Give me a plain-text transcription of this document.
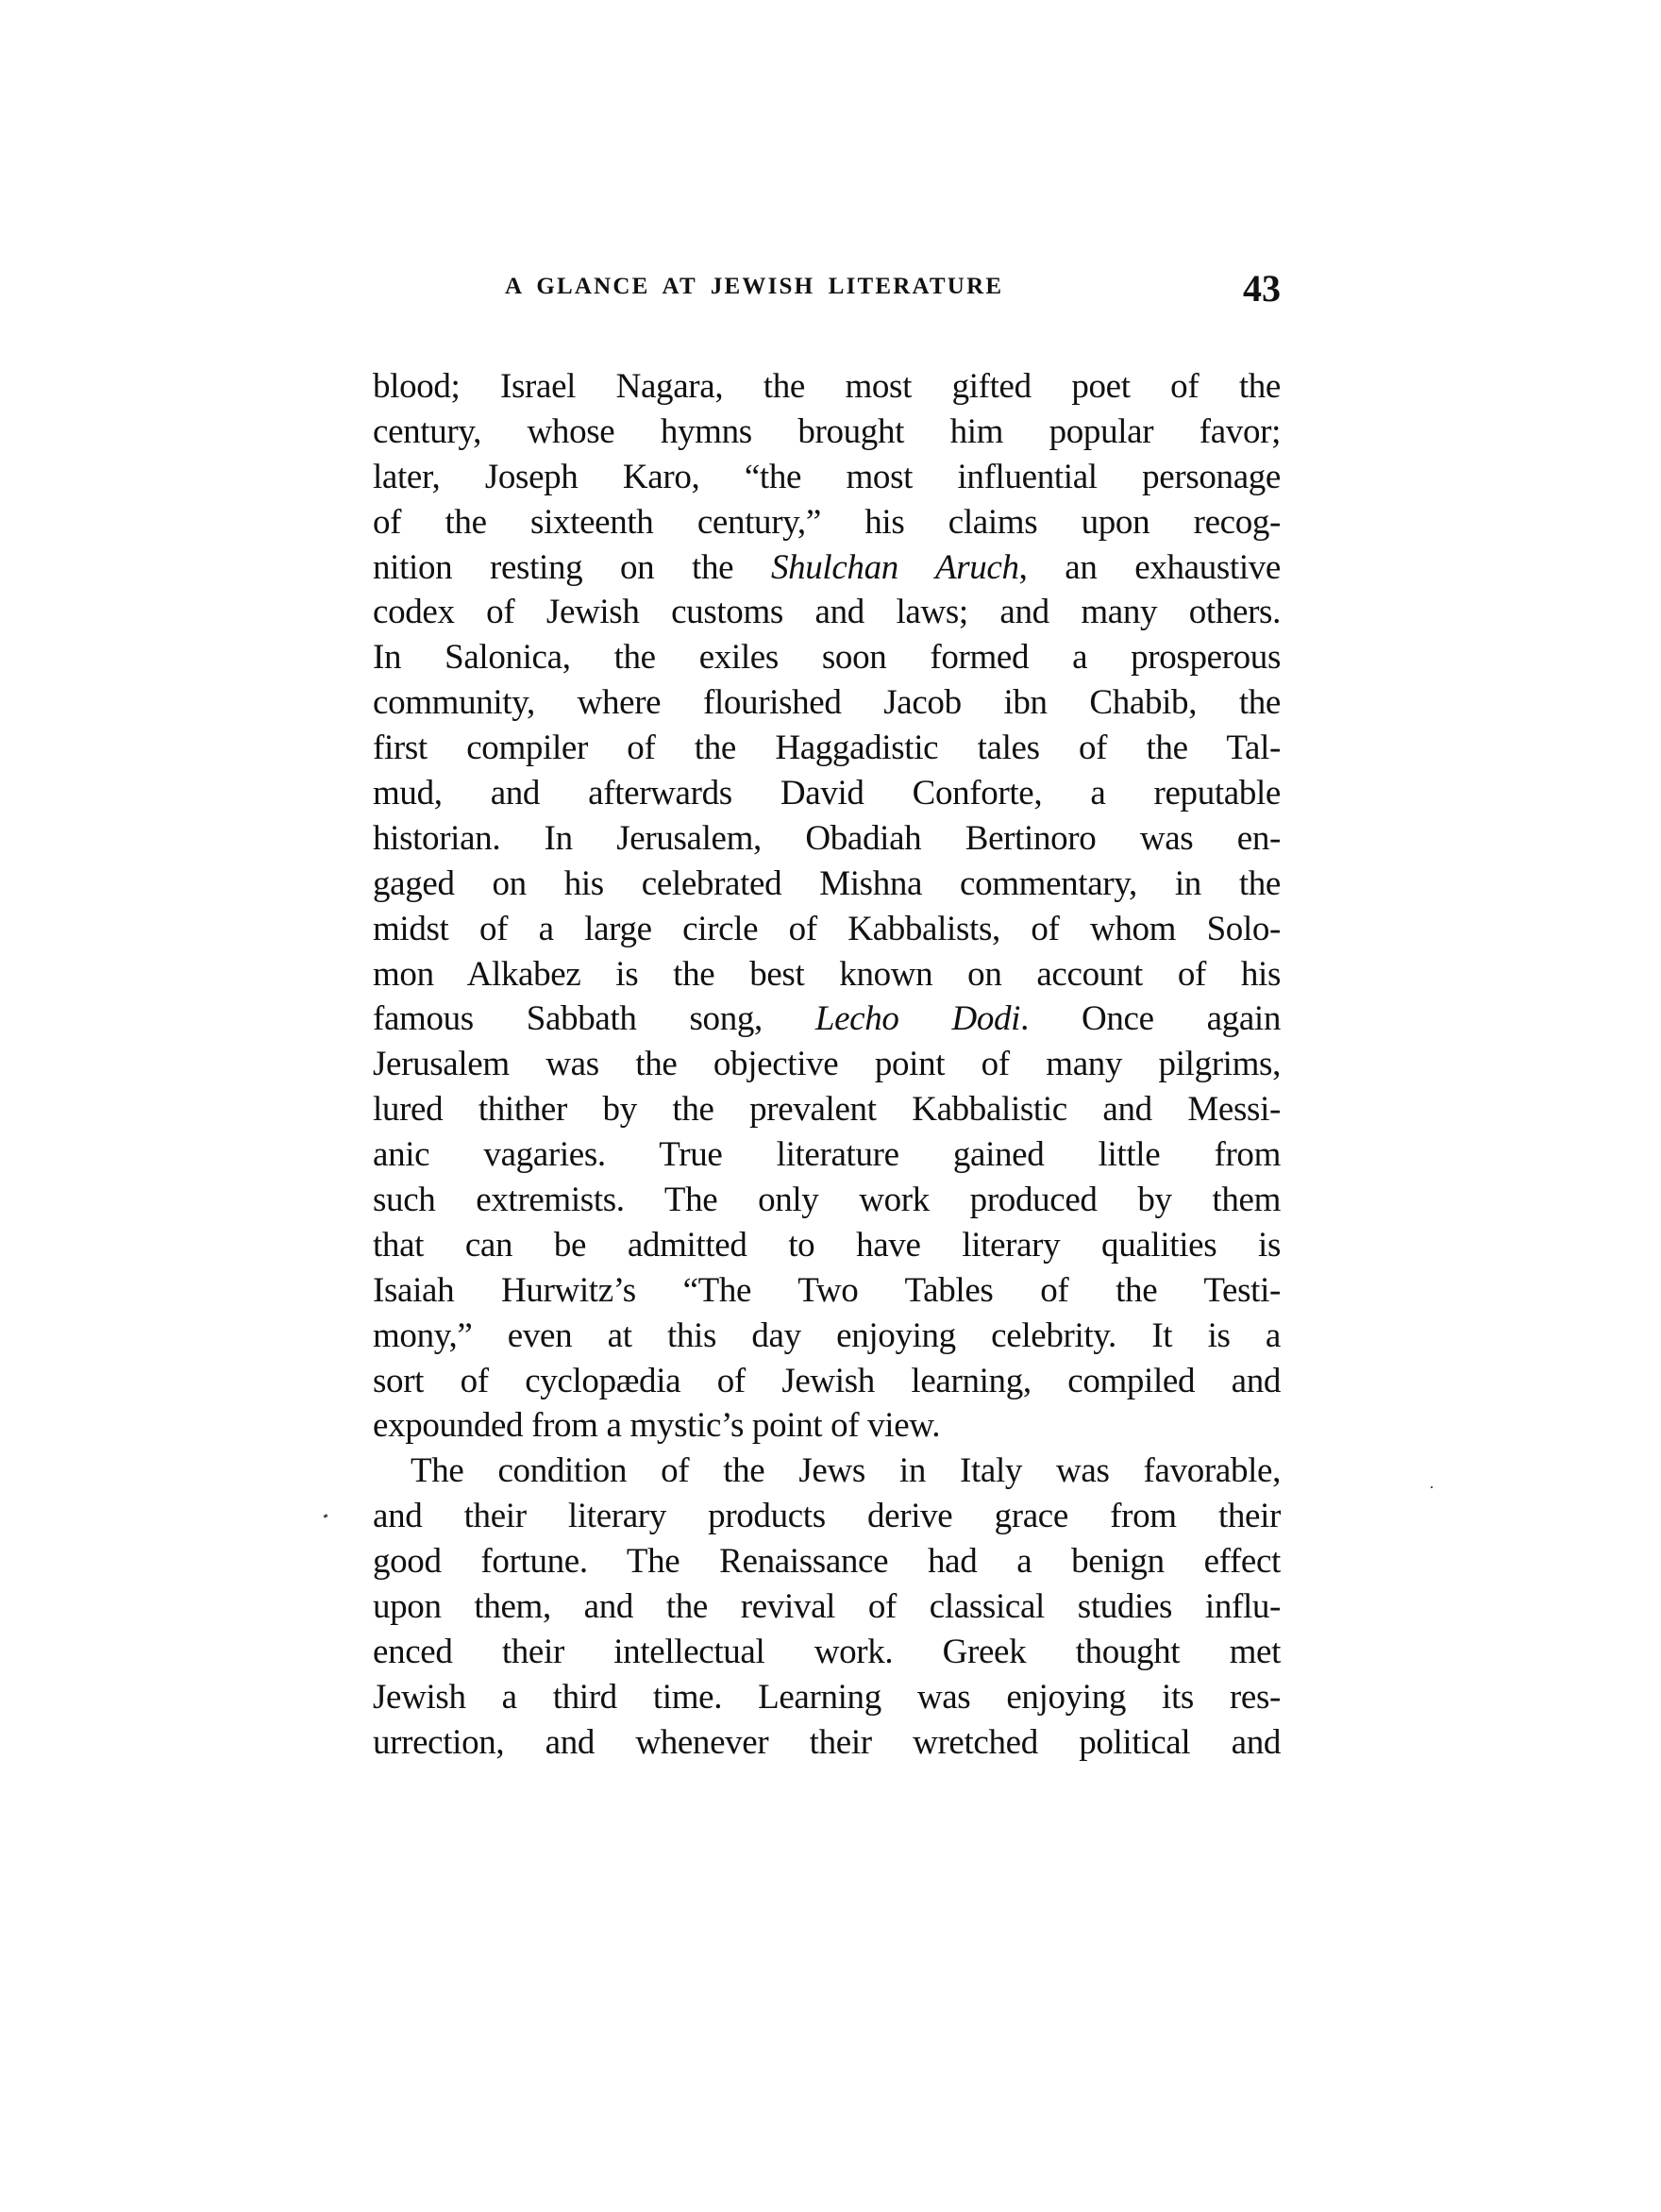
A GLANCE AT JEWISH LITERATURE	43
blood; Israel Nagara, the most gifted poet of the
century, whose hymns brought him popular favor;
later, Joseph Karo, “the most influential personage
of the sixteenth century,” his claims upon recog-
nition resting on the Shulchan Aruch, an exhaustive
codex of Jewish customs and laws; and many others.
In Salonica, the exiles soon formed a prosperous
community, where flourished Jacob ibn Chabib, the
first compiler of the Haggadistic tales of the Tal-
mud, and afterwards David Conforte, a reputable
historian. In Jerusalem, Obadiah Bertinoro was en-
gaged on his celebrated Mishna commentary, in the
midst of a large circle of Kabbalists, of whom Solo-
mon Alkabez is the best known on account of his
famous Sabbath song, Lecho Dodi. Once again
Jerusalem was the objective point of many pilgrims,
lured thither by the prevalent Kabbalistic and Messi-
anic vagaries. True literature gained little from
such extremists. The only work produced by them
that can be admitted to have literary qualities is
Isaiah Hurwitz’s “The Two Tables of the Testi-
mony,” even at this day enjoying celebrity. It is a
sort of cyclopædia of Jewish learning, compiled and
expounded from a mystic’s point of view.
The condition of the Jews in Italy was favorable,
and their literary products derive grace from their
good fortune. The Renaissance had a benign effect
upon them, and the revival of classical studies influ-
enced their intellectual work. Greek thought met
Jewish a third time. Learning was enjoying its res-
urrection, and whenever their wretched political and
